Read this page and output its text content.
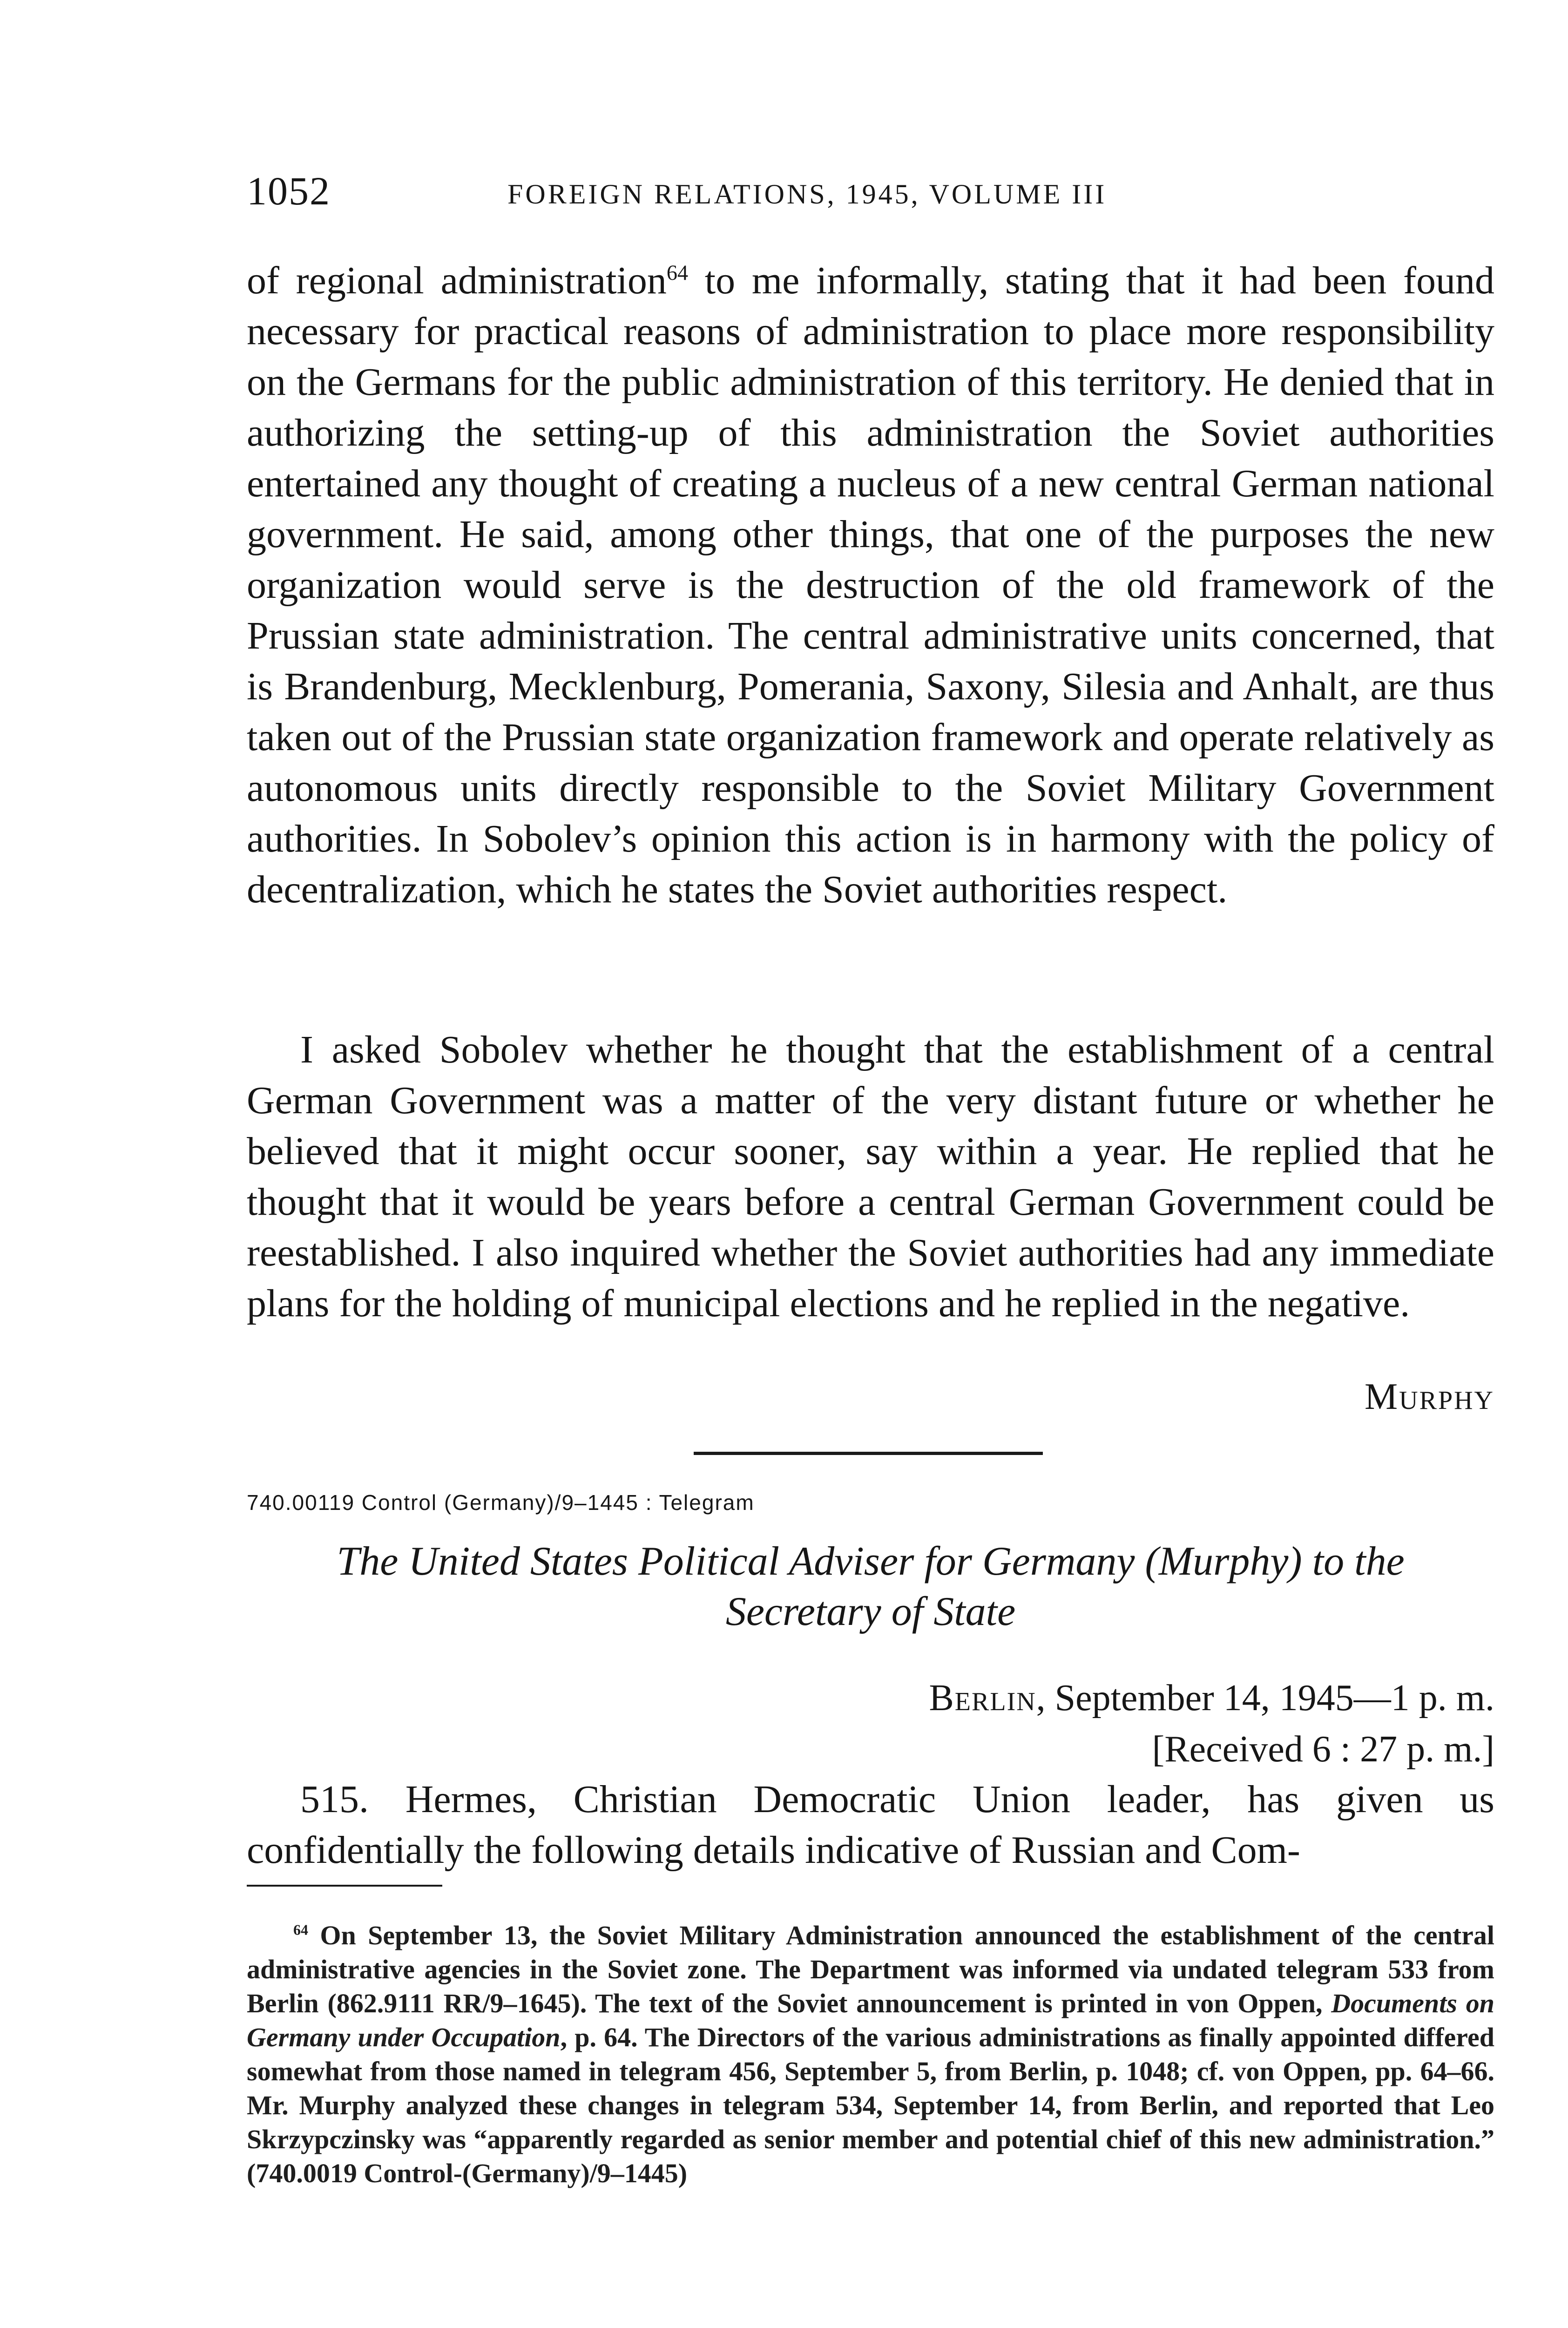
1052	FOREIGN RELATIONS, 1945, VOLUME III

of regional administration$^{64}$ to me informally, stating that it had been found necessary for practical reasons of administration to place more responsibility on the Germans for the public administration of this territory. He denied that in authorizing the setting-up of this administration the Soviet authorities entertained any thought of creating a nucleus of a new central German national government. He said, among other things, that one of the purposes the new organization would serve is the destruction of the old framework of the Prussian state administration. The central administrative units concerned, that is Brandenburg, Mecklenburg, Pomerania, Saxony, Silesia and Anhalt, are thus taken out of the Prussian state organization framework and operate relatively as autonomous units directly responsible to the Soviet Military Government authorities. In Sobolev’s opinion this action is in harmony with the policy of decentralization, which he states the Soviet authorities respect.

I asked Sobolev whether he thought that the establishment of a central German Government was a matter of the very distant future or whether he believed that it might occur sooner, say within a year. He replied that he thought that it would be years before a central German Government could be reestablished. I also inquired whether the Soviet authorities had any immediate plans for the holding of municipal elections and he replied in the negative.

Murphy
740.00119 Control (Germany)/9–1445 : Telegram
The United States Political Adviser for Germany (Murphy) to the
Secretary of State
Berlin, September 14, 1945—1 p. m.
[Received 6 : 27 p. m.]

515. Hermes, Christian Democratic Union leader, has given us confidentially the following details indicative of Russian and Com-

$^{64}$ On September 13, the Soviet Military Administration announced the establishment of the central administrative agencies in the Soviet zone. The Department was informed via undated telegram 533 from Berlin (862.9111 RR/9–1645). The text of the Soviet announcement is printed in von Oppen, Documents on Germany under Occupation, p. 64. The Directors of the various administrations as finally appointed differed somewhat from those named in telegram 456, September 5, from Berlin, p. 1048; cf. von Oppen, pp. 64–66. Mr. Murphy analyzed these changes in telegram 534, September 14, from Berlin, and reported that Leo Skrzypczinsky was “apparently regarded as senior member and potential chief of this new administration.” (740.0019 Control-(Germany)/9–1445)
